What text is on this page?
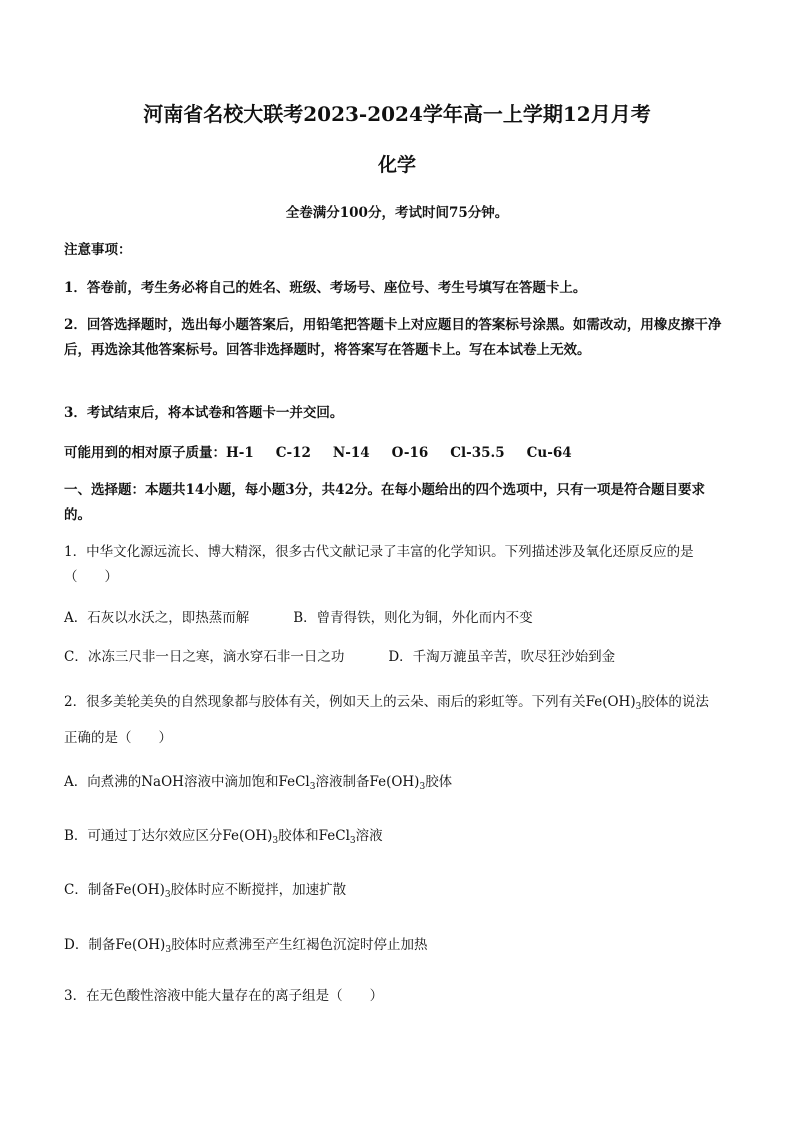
河南省名校大联考2023-2024学年高一上学期12月月考
化学
全卷满分100分，考试时间75分钟。
注意事项：
1．答卷前，考生务必将自己的姓名、班级、考场号、座位号、考生号填写在答题卡上。
2．回答选择题时，选出每小题答案后，用铅笔把答题卡上对应题目的答案标号涂黑。如需改动，用橡皮擦干净后，再选涂其他答案标号。回答非选择题时，将答案写在答题卡上。写在本试卷上无效。
3．考试结束后，将本试卷和答题卡一并交回。
可能用到的相对原子质量：H-1 C-12 N-14 O-16 Cl-35.5 Cu-64
一、选择题：本题共14小题，每小题3分，共42分。在每小题给出的四个选项中，只有一项是符合题目要求的。
1．中华文化源远流长、博大精深，很多古代文献记录了丰富的化学知识。下列描述涉及氧化还原反应的是（　　）
A．石灰以水沃之，即热蒸而解	B．曾青得铁，则化为铜，外化而内不变
C．冰冻三尺非一日之寒，滴水穿石非一日之功	D．千淘万漉虽辛苦，吹尽狂沙始到金
2．很多美轮美奂的自然现象都与胶体有关，例如天上的云朵、雨后的彩虹等。下列有关$Fe(OH)_3$胶体的说法
正确的是（　　）
A．向煮沸的NaOH溶液中滴加饱和FeCl$_3$溶液制备$Fe(OH)_3$胶体
B．可通过丁达尔效应区分$Fe(OH)_3$胶体和FeCl$_3$溶液
C．制备$Fe(OH)_3$胶体时应不断搅拌，加速扩散
D．制备$Fe(OH)_3$胶体时应煮沸至产生红褐色沉淀时停止加热
3．在无色酸性溶液中能大量存在的离子组是（　　）
